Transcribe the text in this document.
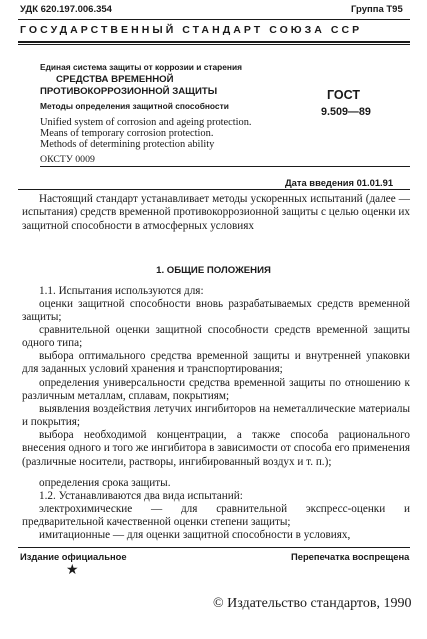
УДК 620.197.006.354	Группа Т95
ГОСУДАРСТВЕННЫЙ СТАНДАРТ СОЮЗА ССР
Единая система защиты от коррозии и старения
СРЕДСТВА ВРЕМЕННОЙ
ПРОТИВОКОРРОЗИОННОЙ ЗАЩИТЫ
Методы определения защитной способности
Unified system of corrosion and ageing protection.
Means of temporary corrosion protection.
Methods of determining protection ability
ОКСТУ 0009
ГОСТ
9.509—89
Дата введения 01.01.91
Настоящий стандарт устанавливает методы ускоренных испытаний (далее — испытания) средств временной противокоррозионной защиты с целью оценки их защитной способности в атмосферных условиях
1. ОБЩИЕ ПОЛОЖЕНИЯ
1.1. Испытания используются для:
оценки защитной способности вновь разрабатываемых средств временной защиты;
сравнительной оценки защитной способности средств временной защиты одного типа;
выбора оптимального средства временной защиты и внутренней упаковки для заданных условий хранения и транспортирования;
определения универсальности средства временной защиты по отношению к различным металлам, сплавам, покрытиям;
выявления воздействия летучих ингибиторов на неметаллические материалы и покрытия;
выбора необходимой концентрации, а также способа рационального внесения одного и того же ингибитора в зависимости от способа его применения (различные носители, растворы, ингибированный воздух и т. п.);
определения срока защиты.
1.2. Устанавливаются два вида испытаний:
электрохимические — для сравнительной экспресс-оценки и предварительной качественной оценки степени защиты;
имитационные — для оценки защитной способности в условиях,
Издание официальное	Перепечатка воспрещена
★
© Издательство стандартов, 1990
